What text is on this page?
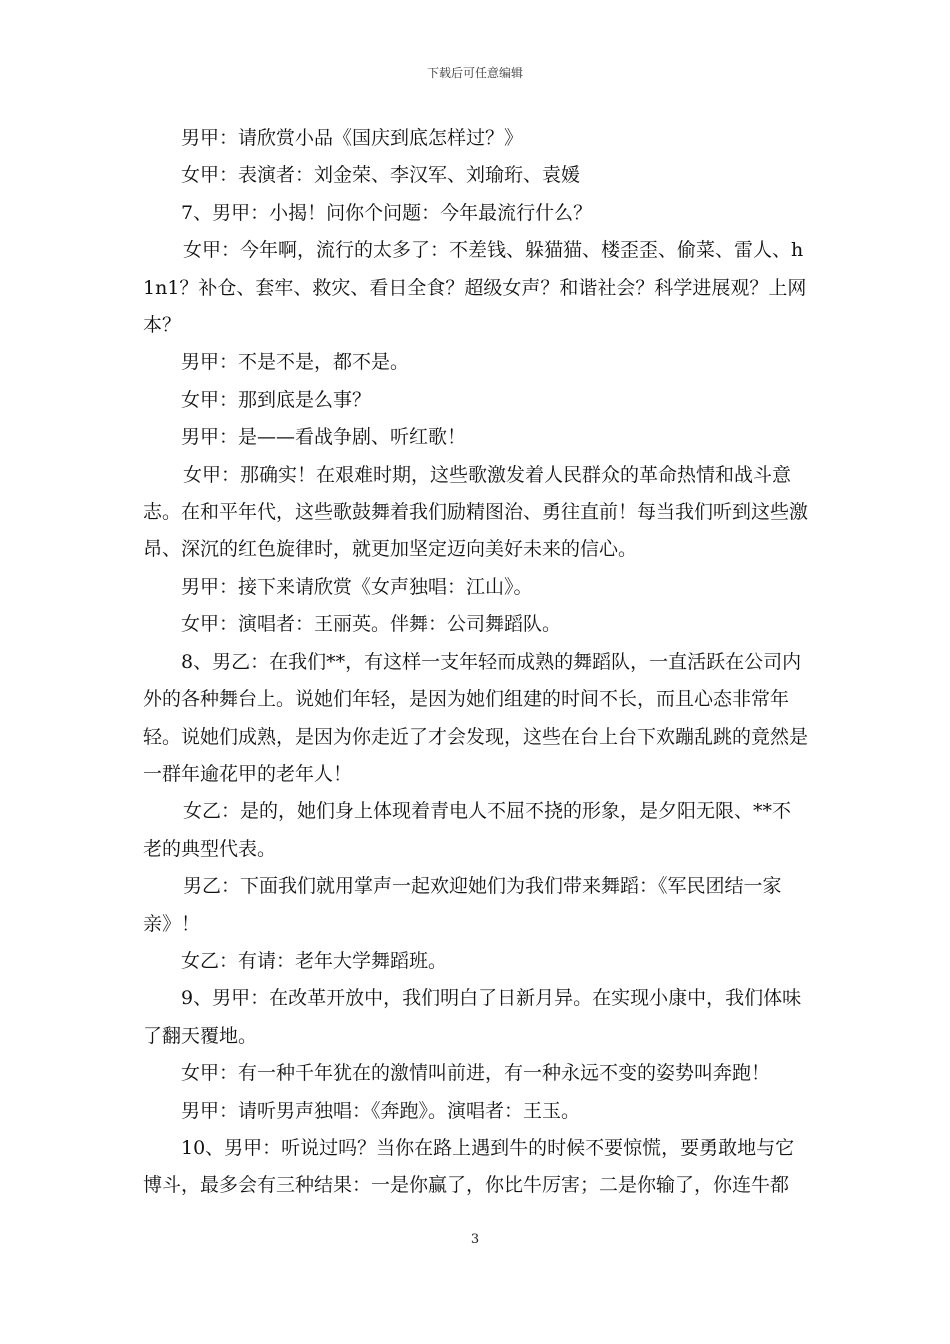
下载后可任意编辑

男甲：请欣赏小品《国庆到底怎样过？》

女甲：表演者：刘金荣、李汉军、刘瑜珩、袁媛

7、男甲：小揭！问你个问题：今年最流行什么？

女甲：今年啊，流行的太多了：不差钱、躲猫猫、楼歪歪、偷菜、雷人、h1n1？补仓、套牢、救灾、看日全食？超级女声？和谐社会？科学进展观？上网本？

男甲：不是不是，都不是。

女甲：那到底是么事？

男甲：是——看战争剧、听红歌！

女甲：那确实！在艰难时期，这些歌激发着人民群众的革命热情和战斗意志。在和平年代，这些歌鼓舞着我们励精图治、勇往直前！每当我们听到这些激昂、深沉的红色旋律时，就更加坚定迈向美好未来的信心。

男甲：接下来请欣赏《女声独唱：江山》。

女甲：演唱者：王丽英。伴舞：公司舞蹈队。

8、男乙：在我们**，有这样一支年轻而成熟的舞蹈队，一直活跃在公司内外的各种舞台上。说她们年轻，是因为她们组建的时间不长，而且心态非常年轻。说她们成熟，是因为你走近了才会发现，这些在台上台下欢蹦乱跳的竟然是一群年逾花甲的老年人！

女乙：是的，她们身上体现着青电人不屈不挠的形象，是夕阳无限、**不老的典型代表。

男乙：下面我们就用掌声一起欢迎她们为我们带来舞蹈：《军民团结一家亲》！

女乙：有请：老年大学舞蹈班。

9、男甲：在改革开放中，我们明白了日新月异。在实现小康中，我们体味了翻天覆地。

女甲：有一种千年犹在的激情叫前进，有一种永远不变的姿势叫奔跑！

男甲：请听男声独唱：《奔跑》。演唱者：王玉。

10、男甲：听说过吗？当你在路上遇到牛的时候不要惊慌，要勇敢地与它博斗，最多会有三种结果：一是你赢了，你比牛厉害；二是你输了，你连牛都

3
